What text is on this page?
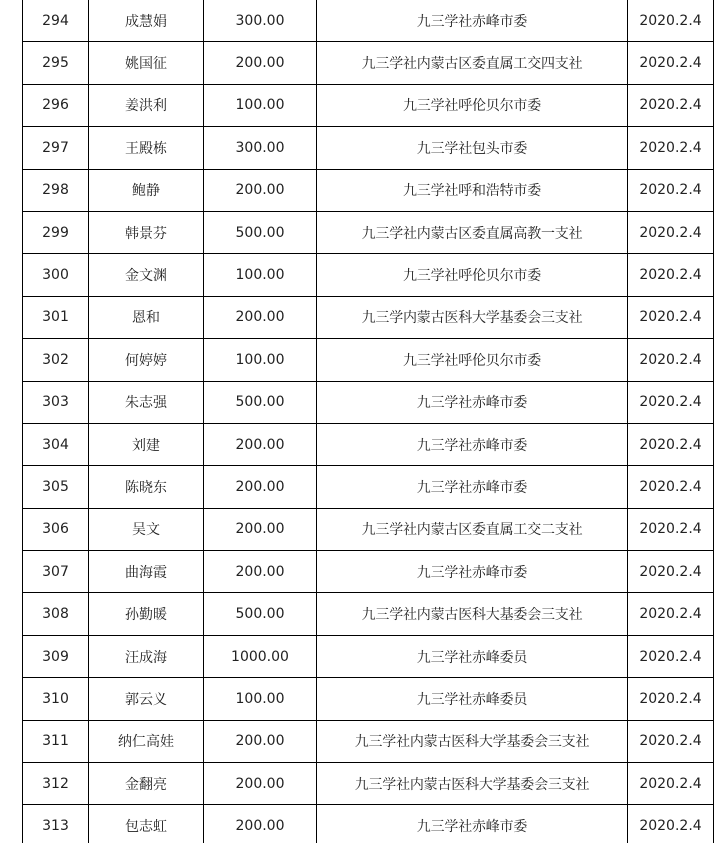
294	成慧娟	300.00	九三学社赤峰市委	2020.2.4
295	姚国征	200.00	九三学社内蒙古区委直属工交四支社	2020.2.4
296	姜洪利	100.00	九三学社呼伦贝尔市委	2020.2.4
297	王殿栋	300.00	九三学社包头市委	2020.2.4
298	鲍静	200.00	九三学社呼和浩特市委	2020.2.4
299	韩景芬	500.00	九三学社内蒙古区委直属高教一支社	2020.2.4
300	金文渊	100.00	九三学社呼伦贝尔市委	2020.2.4
301	恩和	200.00	九三学内蒙古医科大学基委会三支社	2020.2.4
302	何婷婷	100.00	九三学社呼伦贝尔市委	2020.2.4
303	朱志强	500.00	九三学社赤峰市委	2020.2.4
304	刘建	200.00	九三学社赤峰市委	2020.2.4
305	陈晓东	200.00	九三学社赤峰市委	2020.2.4
306	吴文	200.00	九三学社内蒙古区委直属工交二支社	2020.2.4
307	曲海霞	200.00	九三学社赤峰市委	2020.2.4
308	孙勤暖	500.00	九三学社内蒙古医科大基委会三支社	2020.2.4
309	汪成海	1000.00	九三学社赤峰委员	2020.2.4
310	郭云义	100.00	九三学社赤峰委员	2020.2.4
311	纳仁高娃	200.00	九三学社内蒙古医科大学基委会三支社	2020.2.4
312	金翻亮	200.00	九三学社内蒙古医科大学基委会三支社	2020.2.4
313	包志虹	200.00	九三学社赤峰市委	2020.2.4
